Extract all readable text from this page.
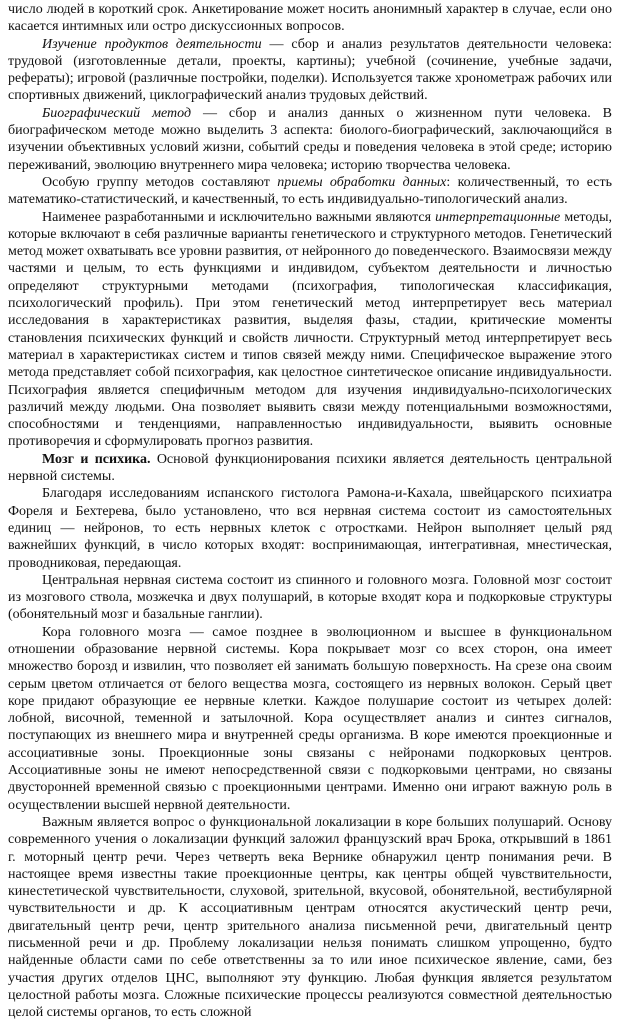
число людей в короткий срок. Анкетирование может носить анонимный характер в случае, если оно касается интимных или остро дискуссионных вопросов.

Изучение продуктов деятельности — сбор и анализ результатов деятельности человека: трудовой (изготовленные детали, проекты, картины); учебной (сочинение, учебные задачи, рефераты); игровой (различные постройки, поделки). Используется также хронометраж рабочих или спортивных движений, циклографический анализ трудовых действий.

Биографический метод — сбор и анализ данных о жизненном пути человека. В биографическом методе можно выделить 3 аспекта: биолого-биографический, заключающийся в изучении объективных условий жизни, событий среды и поведения человека в этой среде; историю переживаний, эволюцию внутреннего мира человека; историю творчества человека.

Особую группу методов составляют приемы обработки данных: количественный, то есть математико-статистический, и качественный, то есть индивидуально-типологический анализ.

Наименее разработанными и исключительно важными являются интерпретационные методы, которые включают в себя различные варианты генетического и структурного методов. Генетический метод может охватывать все уровни развития, от нейронного до поведенческого. Взаимосвязи между частями и целым, то есть функциями и индивидом, субъектом деятельности и личностью определяют структурными методами (психография, типологическая классификация, психологический профиль). При этом генетический метод интерпретирует весь материал исследования в характеристиках развития, выделяя фазы, стадии, критические моменты становления психических функций и свойств личности. Структурный метод интерпретирует весь материал в характеристиках систем и типов связей между ними. Специфическое выражение этого метода представляет собой психография, как целостное синтетическое описание индивидуальности. Психография является специфичным методом для изучения индивидуально-психологических различий между людьми. Она позволяет выявить связи между потенциальными возможностями, способностями и тенденциями, направленностью индивидуальности, выявить основные противоречия и сформулировать прогноз развития.

Мозг и психика. Основой функционирования психики является деятельность центральной нервной системы.

Благодаря исследованиям испанского гистолога Рамона-и-Кахала, швейцарского психиатра Фореля и Бехтерева, было установлено, что вся нервная система состоит из самостоятельных единиц — нейронов, то есть нервных клеток с отростками. Нейрон выполняет целый ряд важнейших функций, в число которых входят: воспринимающая, интегративная, мнестическая, проводниковая, передающая.

Центральная нервная система состоит из спинного и головного мозга. Головной мозг состоит из мозгового ствола, мозжечка и двух полушарий, в которые входят кора и подкорковые структуры (обонятельный мозг и базальные ганглии).

Кора головного мозга — самое позднее в эволюционном и высшее в функциональном отношении образование нервной системы. Кора покрывает мозг со всех сторон, она имеет множество борозд и извилин, что позволяет ей занимать большую поверхность. На срезе она своим серым цветом отличается от белого вещества мозга, состоящего из нервных волокон. Серый цвет коре придают образующие ее нервные клетки. Каждое полушарие состоит из четырех долей: лобной, височной, теменной и затылочной. Кора осуществляет анализ и синтез сигналов, поступающих из внешнего мира и внутренней среды организма. В коре имеются проекционные и ассоциативные зоны. Проекционные зоны связаны с нейронами подкорковых центров. Ассоциативные зоны не имеют непосредственной связи с подкорковыми центрами, но связаны двусторонней временной связью с проекционными центрами. Именно они играют важную роль в осуществлении высшей нервной деятельности.

Важным является вопрос о функциональной локализации в коре больших полушарий. Основу современного учения о локализации функций заложил французский врач Брока, открывший в 1861 г. моторный центр речи. Через четверть века Вернике обнаружил центр понимания речи. В настоящее время известны такие проекционные центры, как центры общей чувствительности, кинестетической чувствительности, слуховой, зрительной, вкусовой, обонятельной, вестибулярной чувствительности и др. К ассоциативным центрам относятся акустический центр речи, двигательный центр речи, центр зрительного анализа письменной речи, двигательный центр письменной речи и др. Проблему локализации нельзя понимать слишком упрощенно, будто найденные области сами по себе ответственны за то или иное психическое явление, сами, без участия других отделов ЦНС, выполняют эту функцию. Любая функция является результатом целостной работы мозга. Сложные психические процессы реализуются совместной деятельностью целой системы органов, то есть сложной
